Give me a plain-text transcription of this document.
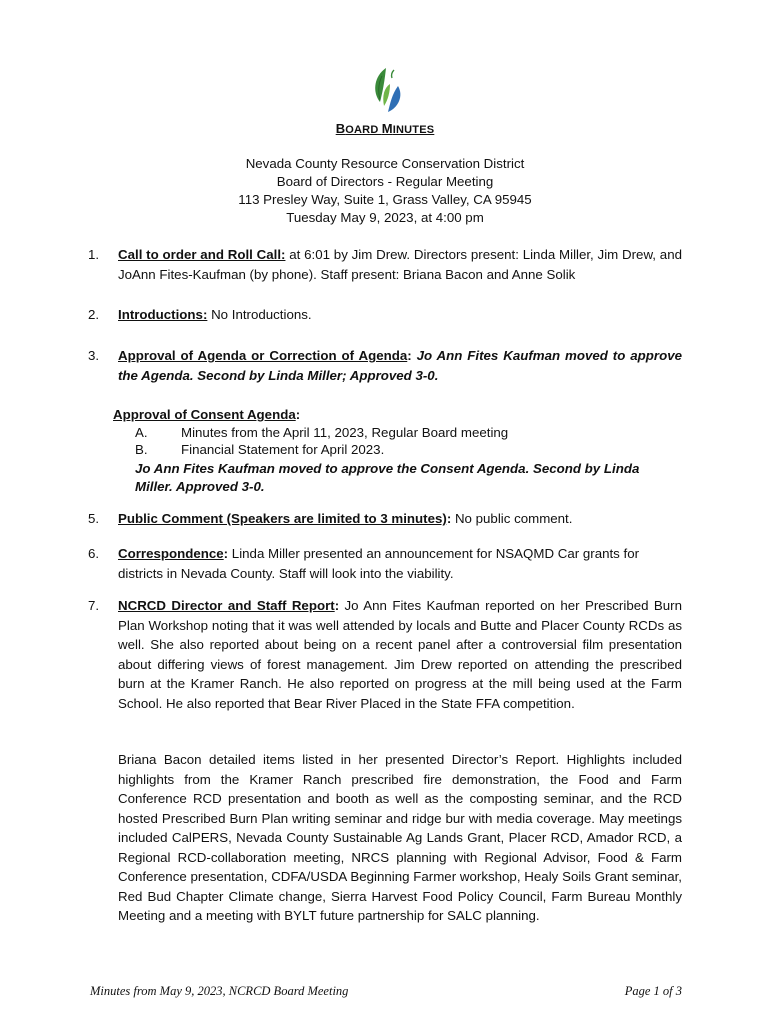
BOARD MINUTES
Nevada County Resource Conservation District
Board of Directors - Regular Meeting
113 Presley Way, Suite 1, Grass Valley, CA 95945
Tuesday May 9, 2023, at 4:00 pm
1.	Call to order and Roll Call: at 6:01 by Jim Drew. Directors present: Linda Miller, Jim Drew, and JoAnn Fites-Kaufman (by phone). Staff present: Briana Bacon and Anne Solik
2.	Introductions: No Introductions.
3.	Approval of Agenda or Correction of Agenda: Jo Ann Fites Kaufman moved to approve the Agenda. Second by Linda Miller; Approved 3-0.
Approval of Consent Agenda:
A.	Minutes from the April 11, 2023, Regular Board meeting
B.	Financial Statement for April 2023.
Jo Ann Fites Kaufman moved to approve the Consent Agenda. Second by Linda Miller. Approved 3-0.
5.	Public Comment (Speakers are limited to 3 minutes): No public comment.
6.	Correspondence: Linda Miller presented an announcement for NSAQMD Car grants for districts in Nevada County. Staff will look into the viability.
7.	NCRCD Director and Staff Report: Jo Ann Fites Kaufman reported on her Prescribed Burn Plan Workshop noting that it was well attended by locals and Butte and Placer County RCDs as well. She also reported about being on a recent panel after a controversial film presentation about differing views of forest management. Jim Drew reported on attending the prescribed burn at the Kramer Ranch. He also reported on progress at the mill being used at the Farm School. He also reported that Bear River Placed in the State FFA competition.
Briana Bacon detailed items listed in her presented Director’s Report. Highlights included highlights from the Kramer Ranch prescribed fire demonstration, the Food and Farm Conference RCD presentation and booth as well as the composting seminar, and the RCD hosted Prescribed Burn Plan writing seminar and ridge bur with media coverage. May meetings included CalPERS, Nevada County Sustainable Ag Lands Grant, Placer RCD, Amador RCD, a Regional RCD-collaboration meeting, NRCS planning with Regional Advisor, Food & Farm Conference presentation, CDFA/USDA Beginning Farmer workshop, Healy Soils Grant seminar, Red Bud Chapter Climate change, Sierra Harvest Food Policy Council, Farm Bureau Monthly Meeting and a meeting with BYLT future partnership for SALC planning.
Minutes from May 9, 2023, NCRCD Board Meeting	Page 1 of 3
